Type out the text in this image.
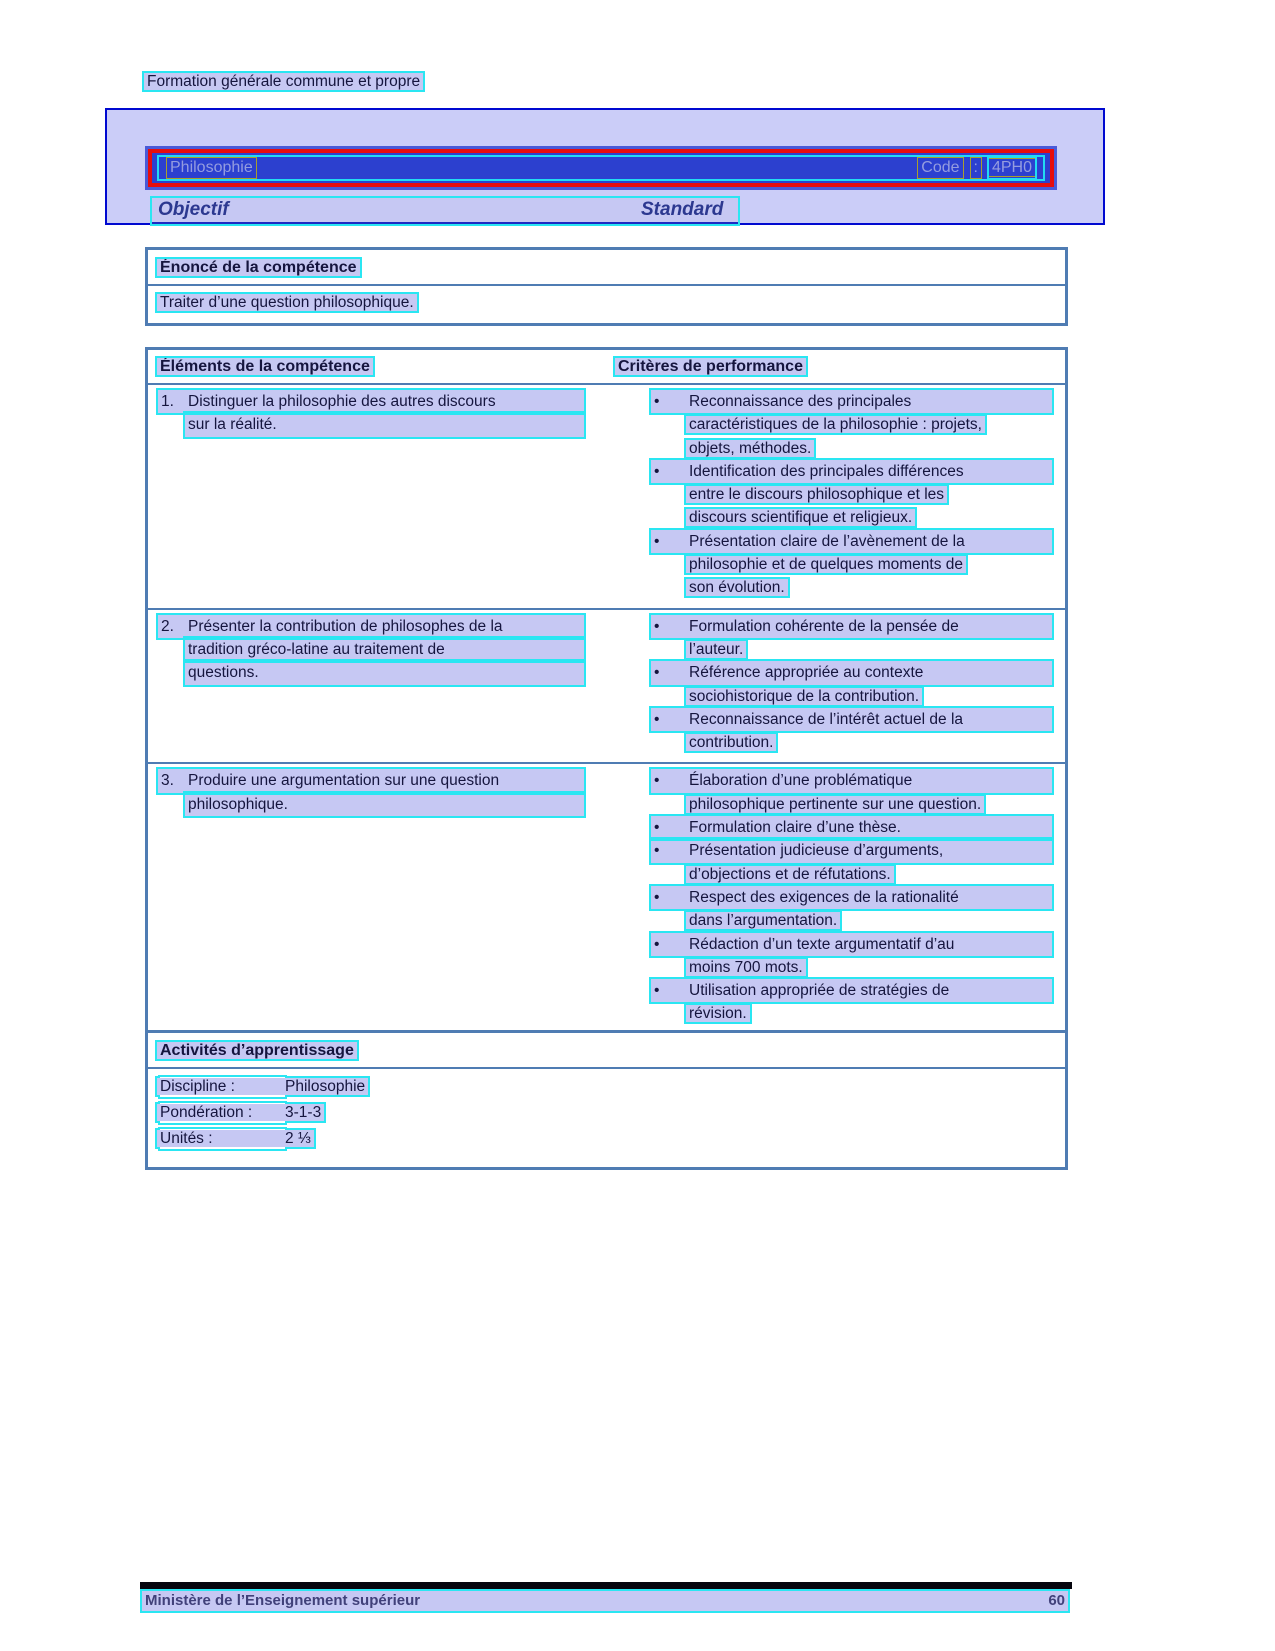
Formation générale commune et propre
Philosophie	Code : 4PH0
Objectif	Standard
Énoncé de la compétence
Traiter d’une question philosophique.
Éléments de la compétence	Critères de performance
1. Distinguer la philosophie des autres discours
sur la réalité.
• Reconnaissance des principales
caractéristiques de la philosophie : projets,
objets, méthodes.
• Identification des principales différences
entre le discours philosophique et les
discours scientifique et religieux.
• Présentation claire de l’avènement de la
philosophie et de quelques moments de
son évolution.
2. Présenter la contribution de philosophes de la
tradition gréco-latine au traitement de
questions.
• Formulation cohérente de la pensée de
l’auteur.
• Référence appropriée au contexte
sociohistorique de la contribution.
• Reconnaissance de l’intérêt actuel de la
contribution.
3. Produire une argumentation sur une question
philosophique.
• Élaboration d’une problématique
philosophique pertinente sur une question.
• Formulation claire d’une thèse.
• Présentation judicieuse d’arguments,
d’objections et de réfutations.
• Respect des exigences de la rationalité
dans l’argumentation.
• Rédaction d’un texte argumentatif d’au
moins 700 mots.
• Utilisation appropriée de stratégies de
révision.
Activités d’apprentissage
Discipline :	Philosophie
Pondération : 3-1-3
Unités :	2 ⅓
Ministère de l’Enseignement supérieur	60
